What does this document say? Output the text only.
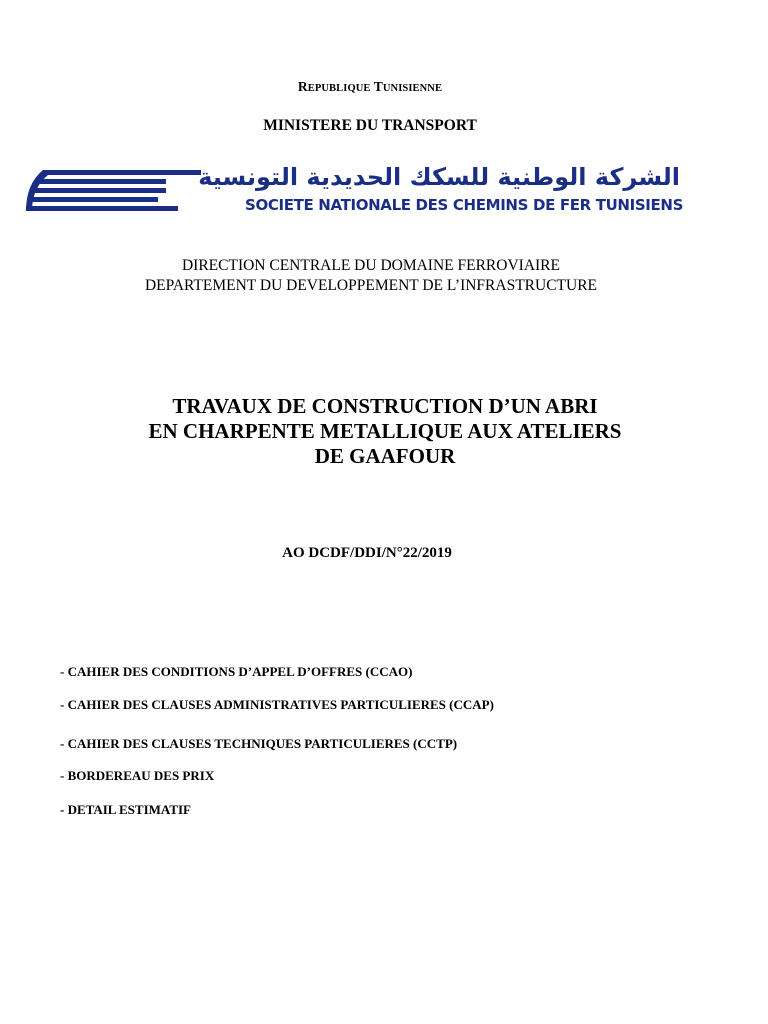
REPUBLIQUE TUNISIENNE
MINISTERE DU TRANSPORT
الشركة الوطنية للسكك الحديدية التونسية
SOCIETE NATIONALE DES CHEMINS DE FER TUNISIENS
DIRECTION CENTRALE DU DOMAINE FERROVIAIRE
DEPARTEMENT DU DEVELOPPEMENT DE L’INFRASTRUCTURE
TRAVAUX DE CONSTRUCTION D’UN ABRI
EN CHARPENTE METALLIQUE AUX ATELIERS
DE GAAFOUR
AO DCDF/DDI/N°22/2019
- CAHIER DES CONDITIONS D’APPEL D’OFFRES (CCAO)
- CAHIER DES CLAUSES ADMINISTRATIVES PARTICULIERES (CCAP)
- CAHIER DES CLAUSES TECHNIQUES PARTICULIERES (CCTP)
- BORDEREAU DES PRIX
- DETAIL ESTIMATIF
